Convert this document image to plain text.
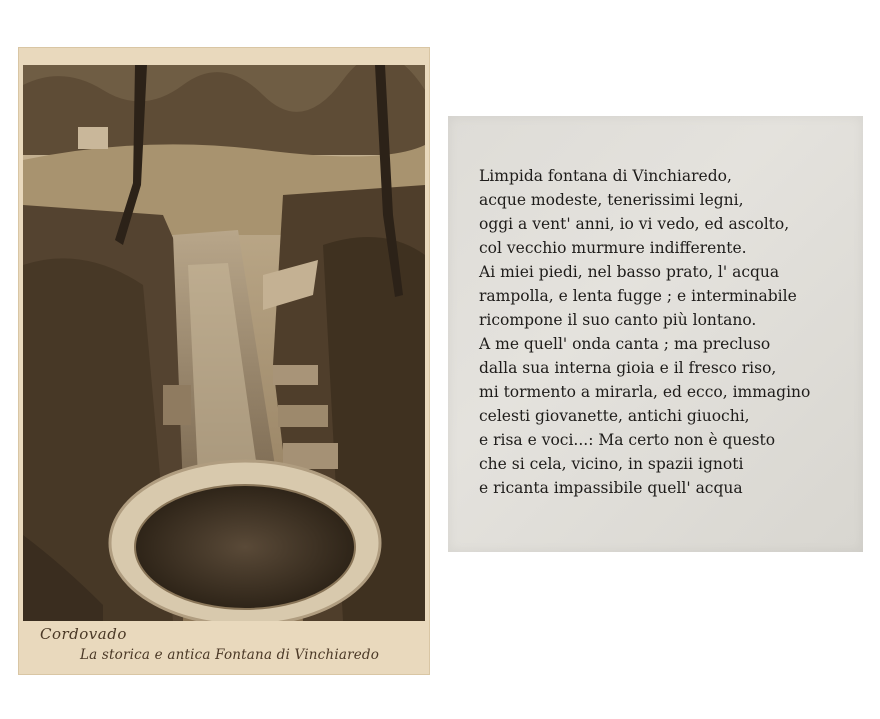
Cordovado
La storica e antica Fontana di Vinchiaredo
Limpida fontana di Vinchiaredo,
acque modeste, tenerissimi legni,
oggi a vent' anni, io vi vedo, ed ascolto,
col vecchio murmure indifferente.
Ai miei piedi, nel basso prato, l' acqua
rampolla, e lenta fugge ; e interminabile
ricompone il suo canto più lontano.
A me quell' onda canta ; ma precluso
dalla sua interna gioia e il fresco riso,
mi tormento a mirarla, ed ecco, immagino
celesti giovanette, antichi giuochi,
e risa e voci...: Ma certo non è questo
che si cela, vicino, in spazii ignoti
e ricanta impassibile quell' acqua
